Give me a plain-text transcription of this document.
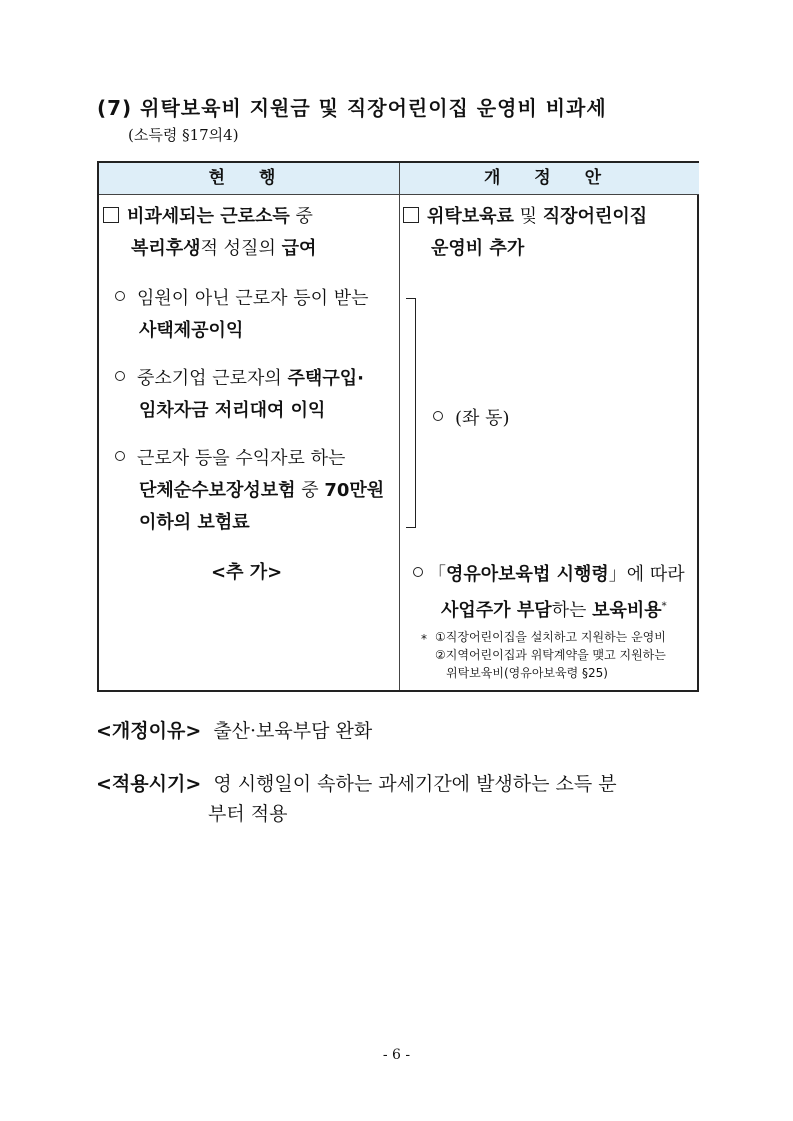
(7) 위탁보육비 지원금 및 직장어린이집 운영비 비과세
(소득령 §17의4)
현 행	개 정 안
비과세되는 근로소득 중
복리후생적 성질의 급여
임원이 아닌 근로자 등이 받는
사택제공이익
중소기업 근로자의 주택구입·
임차자금 저리대여 이익
근로자 등을 수익자로 하는
단체순수보장성보험 중 70만원
이하의 보험료
<추 가>
위탁보육료 및 직장어린이집
운영비 추가
(좌 동)
「영유아보육법 시행령」에 따라
사업주가 부담하는 보육비용*
* ①직장어린이집을 설치하고 지원하는 운영비
②지역어린이집과 위탁계약을 맺고 지원하는
위탁보육비(영유아보육령 §25)
<개정이유> 출산·보육부담 완화
<적용시기> 영 시행일이 속하는 과세기간에 발생하는 소득 분
부터 적용
- 6 -
